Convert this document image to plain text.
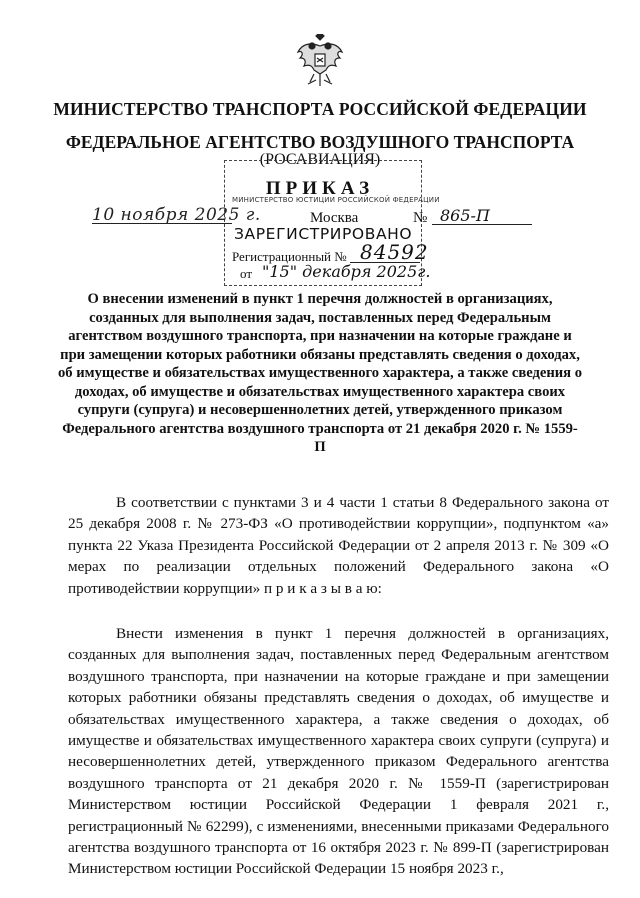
МИНИСТЕРСТВО ТРАНСПОРТА РОССИЙСКОЙ ФЕДЕРАЦИИ
ФЕДЕРАЛЬНОЕ АГЕНТСТВО ВОЗДУШНОГО ТРАНСПОРТА
(РОСАВИАЦИЯ)
ПРИКАЗ
МИНИСТЕРСТВО ЮСТИЦИИ РОССИЙСКОЙ ФЕДЕРАЦИИ
ЗАРЕГИСТРИРОВАНО
Регистрационный № 84592
от "15" декабря 2025г.
10 ноября 2025 г.	Москва	№ 865-П
О внесении изменений в пункт 1 перечня должностей в организациях, созданных для выполнения задач, поставленных перед Федеральным агентством воздушного транспорта, при назначении на которые граждане и при замещении которых работники обязаны представлять сведения о доходах, об имуществе и обязательствах имущественного характера, а также сведения о доходах, об имуществе и обязательствах имущественного характера своих супруги (супруга) и несовершеннолетних детей, утвержденного приказом Федерального агентства воздушного транспорта от 21 декабря 2020 г. № 1559-П

В соответствии с пунктами 3 и 4 части 1 статьи 8 Федерального закона от 25 декабря 2008 г. № 273-ФЗ «О противодействии коррупции», подпунктом «а» пункта 22 Указа Президента Российской Федерации от 2 апреля 2013 г. № 309 «О мерах по реализации отдельных положений Федерального закона «О противодействии коррупции» п р и к а з ы в а ю:

Внести изменения в пункт 1 перечня должностей в организациях, созданных для выполнения задач, поставленных перед Федеральным агентством воздушного транспорта, при назначении на которые граждане и при замещении которых работники обязаны представлять сведения о доходах, об имуществе и обязательствах имущественного характера, а также сведения о доходах, об имуществе и обязательствах имущественного характера своих супруги (супруга) и несовершеннолетних детей, утвержденного приказом Федерального агентства воздушного транспорта от 21 декабря 2020 г. № 1559-П (зарегистрирован Министерством юстиции Российской Федерации 1 февраля 2021 г., регистрационный № 62299), с изменениями, внесенными приказами Федерального агентства воздушного транспорта от 16 октября 2023 г. № 899-П (зарегистрирован Министерством юстиции Российской Федерации 15 ноября 2023 г.,
